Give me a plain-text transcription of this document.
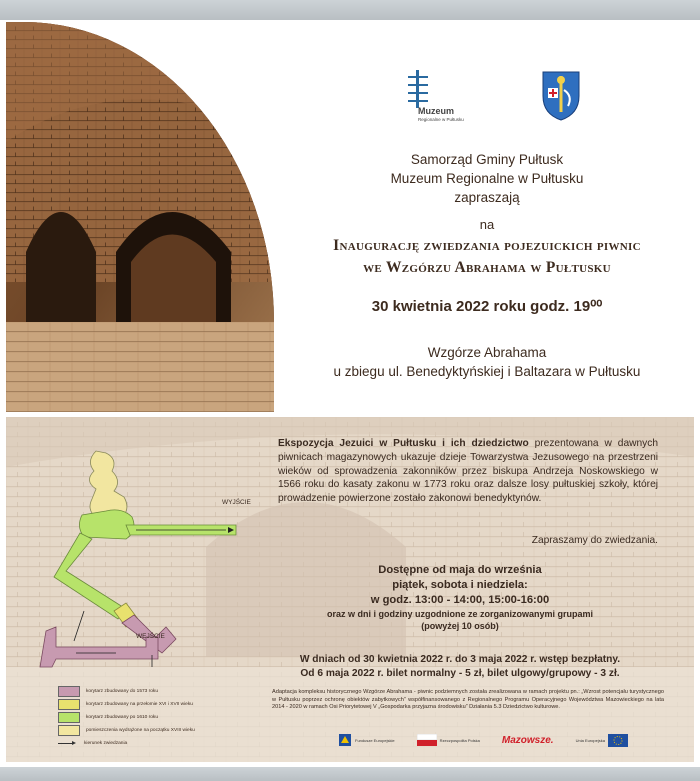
Muzeum
Regionalne w Pułtusku
Samorząd Gminy Pułtusk
Muzeum Regionalne w Pułtusku
zapraszają
na
Inaugurację zwiedzania pojezuickich piwnic
we Wzgórzu Abrahama w Pułtusku
30 kwietnia 2022 roku godz. 19⁰⁰
Wzgórze Abrahama
u zbiegu ul. Benedyktyńskiej i Baltazara w Pułtusku
WYJŚCIE
WEJŚCIE
korytarz zbudowany do 1573 roku
korytarz zbudowany na przełomie XVI i XVII wieku
korytarz zbudowany po 1610 roku
pomieszczenia wydrążone na początku XVIII wieku
kierunek zwiedzania
Ekspozycja Jezuici w Pułtusku i ich dziedzictwo prezentowana w dawnych piwnicach magazynowych ukazuje dzieje Towarzystwa Jezusowego na przestrzeni wieków od sprowadzenia zakonników przez biskupa Andrzeja Noskowskiego w 1566 roku do kasaty zakonu w 1773 roku oraz dalsze losy pułtuskiej szkoły, której prowadzenie powierzone zostało zakonowi benedyktynów.
Zapraszamy do zwiedzania.
Dostępne od maja do września
piątek, sobota i niedziela:
w godz. 13:00 - 14:00, 15:00-16:00
oraz w dni i godziny uzgodnione ze zorganizowanymi grupami
(powyżej 10 osób)
W dniach od 30 kwietnia 2022 r. do 3 maja 2022 r. wstęp bezpłatny.
Od 6 maja 2022 r. bilet normalny - 5 zł, bilet ulgowy/grupowy - 3 zł.
Adaptacja kompleksu historycznego Wzgórze Abrahama - piwnic podziemnych została zrealizowana w ramach projektu pn.: „Wzrost potencjału turystycznego w Pułtusku poprzez ochronę obiektów zabytkowych” współfinansowanego z Regionalnego Programu Operacyjnego Województwa Mazowieckiego na lata 2014 - 2020 w ramach Osi Priorytetowej V „Gospodarka przyjazna środowisku” Działania 5.3 Dziedzictwo kulturowe.
Fundusze Europejskie	Rzeczpospolita Polska Mazowsze.	Unia Europejska
